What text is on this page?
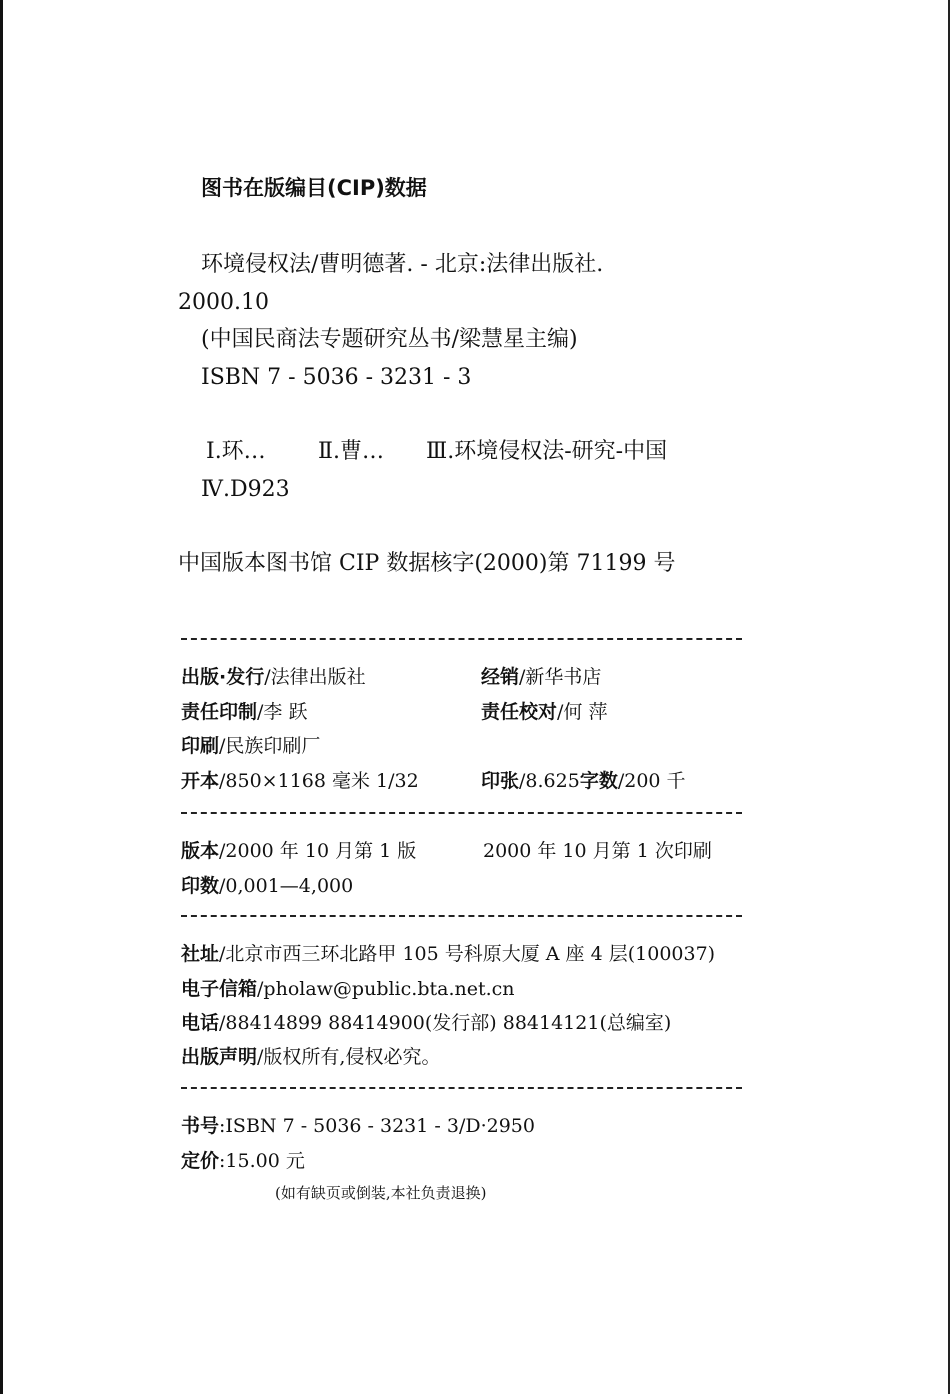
图书在版编目(CIP)数据
环境侵权法/曹明德著. - 北京:法律出版社.
2000.10
(中国民商法专题研究丛书/梁慧星主编)
ISBN 7 - 5036 - 3231 - 3
Ⅰ.环… Ⅱ.曹… Ⅲ.环境侵权法-研究-中国
Ⅳ.D923
中国版本图书馆 CIP 数据核字(2000)第 71199 号
出版·发行/法律出版社	经销/新华书店
责任印制/李 跃	责任校对/何 萍
印刷/民族印刷厂
开本/850×1168 毫米 1/32	印张/8.625字数/200 千
版本/2000 年 10 月第 1 版	2000 年 10 月第 1 次印刷
印数/0,001—4,000
社址/北京市西三环北路甲 105 号科原大厦 A 座 4 层(100037)
电子信箱/pholaw@public.bta.net.cn
电话/88414899 88414900(发行部) 88414121(总编室)
出版声明/版权所有,侵权必究。
书号:ISBN 7 - 5036 - 3231 - 3/D·2950
定价:15.00 元
(如有缺页或倒装,本社负责退换)
